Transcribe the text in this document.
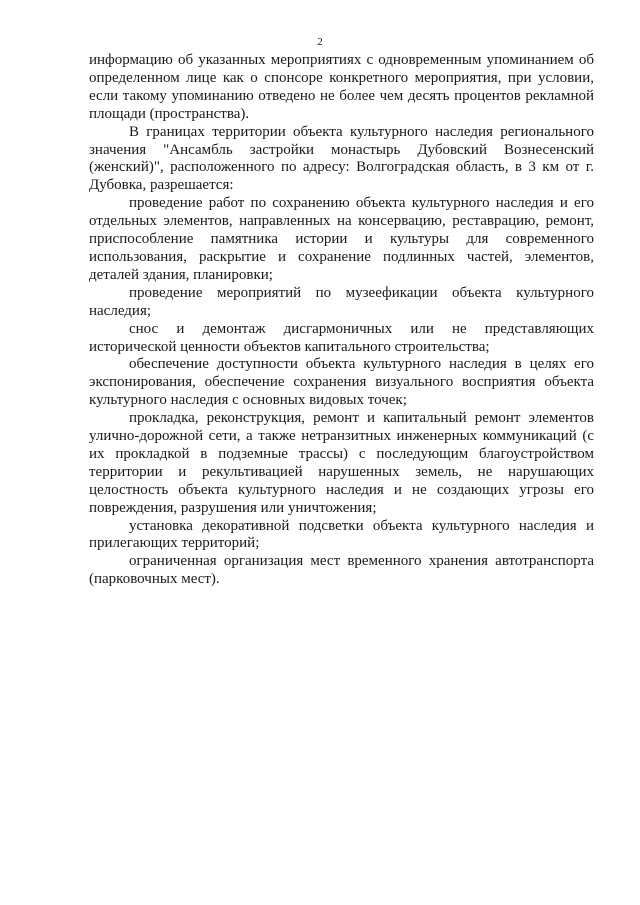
2

информацию об указанных мероприятиях с одновременным упоминанием об определенном лице как о спонсоре конкретного мероприятия, при условии, если такому упоминанию отведено не более чем десять процентов рекламной площади (пространства).

В границах территории объекта культурного наследия регионального значения "Ансамбль застройки монастырь Дубовский Вознесенский (женский)", расположенного по адресу: Волгоградская область, в 3 км от г. Дубовка, разрешается:

проведение работ по сохранению объекта культурного наследия и его отдельных элементов, направленных на консервацию, реставрацию, ремонт, приспособление памятника истории и культуры для современного использования, раскрытие и сохранение подлинных частей, элементов, деталей здания, планировки;

проведение мероприятий по музеефикации объекта культурного наследия;

снос и демонтаж дисгармоничных или не представляющих исторической ценности объектов капитального строительства;

обеспечение доступности объекта культурного наследия в целях его экспонирования, обеспечение сохранения визуального восприятия объекта культурного наследия с основных видовых точек;

прокладка, реконструкция, ремонт и капитальный ремонт элементов улично-дорожной сети, а также нетранзитных инженерных коммуникаций (с их прокладкой в подземные трассы) с последующим благоустройством территории и рекультивацией нарушенных земель, не нарушающих целостность объекта культурного наследия и не создающих угрозы его повреждения, разрушения или уничтожения;

установка декоративной подсветки объекта культурного наследия и прилегающих территорий;

ограниченная организация мест временного хранения автотранспорта (парковочных мест).
